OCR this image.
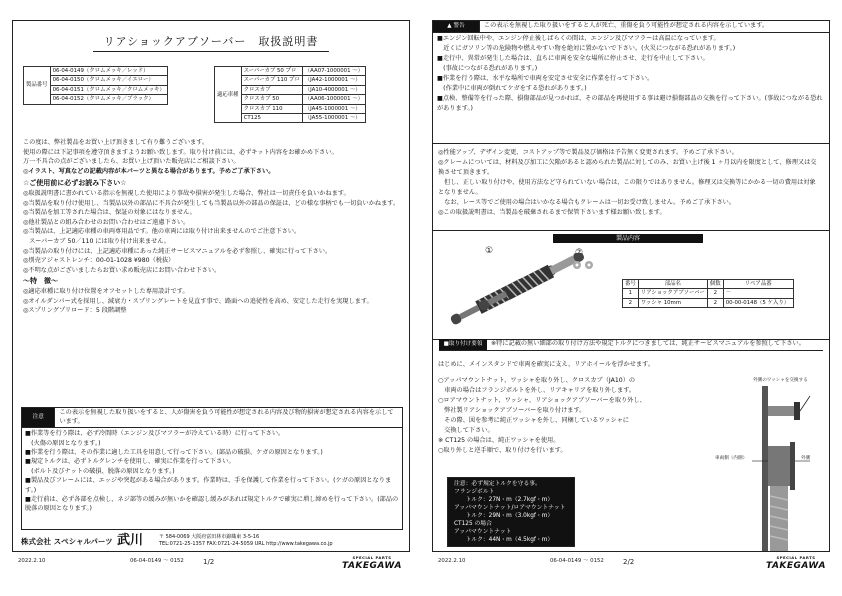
リアショックアブソーバー　取扱説明書
製品番号	06-04-0149（クロムメッキ／レッド）
06-04-0150（クロムメッキ／イエロー）
06-04-0151（クロムメッキ／クロムメッキ）
06-04-0152（クロムメッキ／ブラック）
適応車種	スーパーカブ 50 プロ	（AA07-1000001 ～）
	スーパーカブ 110 プロ	（JA42-1000001 ～）
	クロスカブ	（JA10-4000001 ～）
	クロスカブ 50	（AA06-1000001 ～）
	クロスカブ 110	（JA45-1000001 ～）
	CT125	（JA55-1000001 ～）

この度は、弊社製品をお買い上げ頂きまして有り難うございます。

使用の際には下記事項を遵守頂きますようお願い致します。取り付け前には、必ずキット内容をお確かめ下さい。

万一不具合の点がございましたら、お買い上げ頂いた販売店にご相談下さい。

◎イラスト、写真などの記載内容が本パーツと異なる場合があります。予めご了承下さい。

☆ご使用前に必ずお読み下さい☆

◎取扱説明書に書かれている指示を無視した使用により事故や損害が発生した場合、弊社は一切責任を負いかねます。

◎当製品を取り付け使用し、当製品以外の部品に不具合が発生しても当製品以外の部品の保証は、どの様な事柄でも一切負いかねます。

◎当製品を加工等された場合は、保証の対象にはなりません。

◎他社製品との組み合わせのお問い合わせはご遠慮下さい。

◎当製品は、上記適応車種の車両専用品です。他の車両には取り付け出来ませんのでご注意下さい。

　スーパーカブ 50／110 には取り付け出来ません。

◎当製品の取り付けには、上記適応車種にあった純正サービスマニュアルを必ず参照し、確実に行って下さい。

◎別売アジャストレンチ：00-01-1028 ¥980（税抜）

◎不明な点がございましたらお買い求め販売店にお問い合わせ下さい。

～特　徴～

◎適応車種に取り付け位置をオフセットした専用設計です。

◎オイルダンパー式を採用し、減衰力・スプリングレートを見直す事で、路面への追従性を高め、安定した走行を実現します。

◎スプリングプリロード：5 段階調整

注意
この表示を無視した取り扱いをすると、人が傷害を負う可能性が想定される内容及び物的損害が想定される内容を示しています。

■作業等を行う際は、必ず冷間時（エンジン及びマフラーが冷えている時）に行って下さい。

　(火傷の原因となります。)

■作業を行う際は、その作業に適した工具を用意して行って下さい。(部品の破損、ケガの原因となります。)

■規定トルクは、必ずトルクレンチを使用し、確実に作業を行って下さい。

　(ボルト及びナットの破損、脱落の原因となります。)

■製品及びフレームには、エッジや突起がある場合があります。作業時は、手を保護して作業を行って下さい。(ケガの原因となります。)

■走行前は、必ず各部を点検し、ネジ部等の緩みが無いかを確認し緩みがあれば規定トルクで確実に増し締めを行って下さい。(部品の脱落の原因となります。)

株式会社 スペシャルパーツ 武川	〒 584-0069 大阪府富田林市錦織東 3-5-16
TEL:0721-25-1357 FAX:0721-24-5059 URL http://www.takegawa.co.jp
2022.2.10	06-04-0149 ～ 0152	1/2
SPECIAL PARTS
TAKEGAWA
▲ 警告	この表示を無視した取り扱いをすると人が死亡、重傷を負う可能性が想定される内容を示しています。

■エンジン回転中や、エンジン停止後しばらくの間は、エンジン及びマフラーは高温になっています。

　近くにガソリン等の危険物や燃えやすい物を絶対に置かないで下さい。(火災につながる恐れがあります。)

■走行中、異常が発生した場合は、直ちに車両を安全な場所に停止させ、走行を中止して下さい。

　(事故につながる恐れがあります。)

■作業を行う際は、水平な場所で車両を安定させ安全に作業を行って下さい。

　(作業中に車両が倒れてケガをする恐れがあります。)

■点検、整備等を行った際、損傷部品が見つかれば、その部品を再使用する事は避け損傷部品の交換を行って下さい。(事故につながる恐れがあります。)

◎性能アップ、デザイン変更、コストアップ等で製品及び価格は予告無く変更されます。予めご了承下さい。

◎クレームについては、材料及び加工に欠陥があると認められた製品に対してのみ、お買い上げ後 1 ヶ月以内を限度として、修理又は交換させて頂きます。

　但し、正しい取り付けや、使用方法など守られていない場合は、この限りではありません。修理又は交換等にかかる一切の費用は対象となりません。

　なお、レース等でご使用の場合はいかなる場合もクレームは一切お受け致しません。予めご了承下さい。

◎この取扱説明書は、当製品を破棄されるまで保管下さいます様お願い致します。

製品内容
①
番号	部品名	個数	リペア品番
1	リアショックアブソーバー	2	－
2	ワッシャ 10mm	2	00-00-0148（5 ケ入り）
■取り付け要領	※特に記載の無い細部の取り付け方法や規定トルクにつきましては、純正サービスマニュアルを参照して下さい。

はじめに、メインスタンドで車両を確実に支え、リアホイールを浮かせます。

○アッパマウントナット、ワッシャを取り外し、クロスカブ（JA10）の

　車両の場合はフランジボルトを外し、リアキャリアを取り外します。

○ロアマウントナット、ワッシャ、リアショックアブソーバーを取り外し、

　弊社製リアショックアブソーバーを取り付けます。

　その際、図を参考に純正ワッシャを外し、同梱しているワッシャに

　交換して下さい。

※ CT125 の場合は、純正ワッシャを使用。

○取り外しと逆手順で、取り付けを行います。

注意：必ず規定トルクを守る事。

フランジボルト

　　トルク：27N・m（2.7kgf・m）

アッパマウントナット/ロアマウントナット

　　トルク：29N・m（3.0kgf・m）

CT125 の場合

アッパマウントナット

　　トルク：44N・m（4.5kgf・m）

外側のワッシャを交換する
車両側（内側）	外側
2022.2.10	06-04-0149 ～ 0152	2/2
SPECIAL PARTS
TAKEGAWA
